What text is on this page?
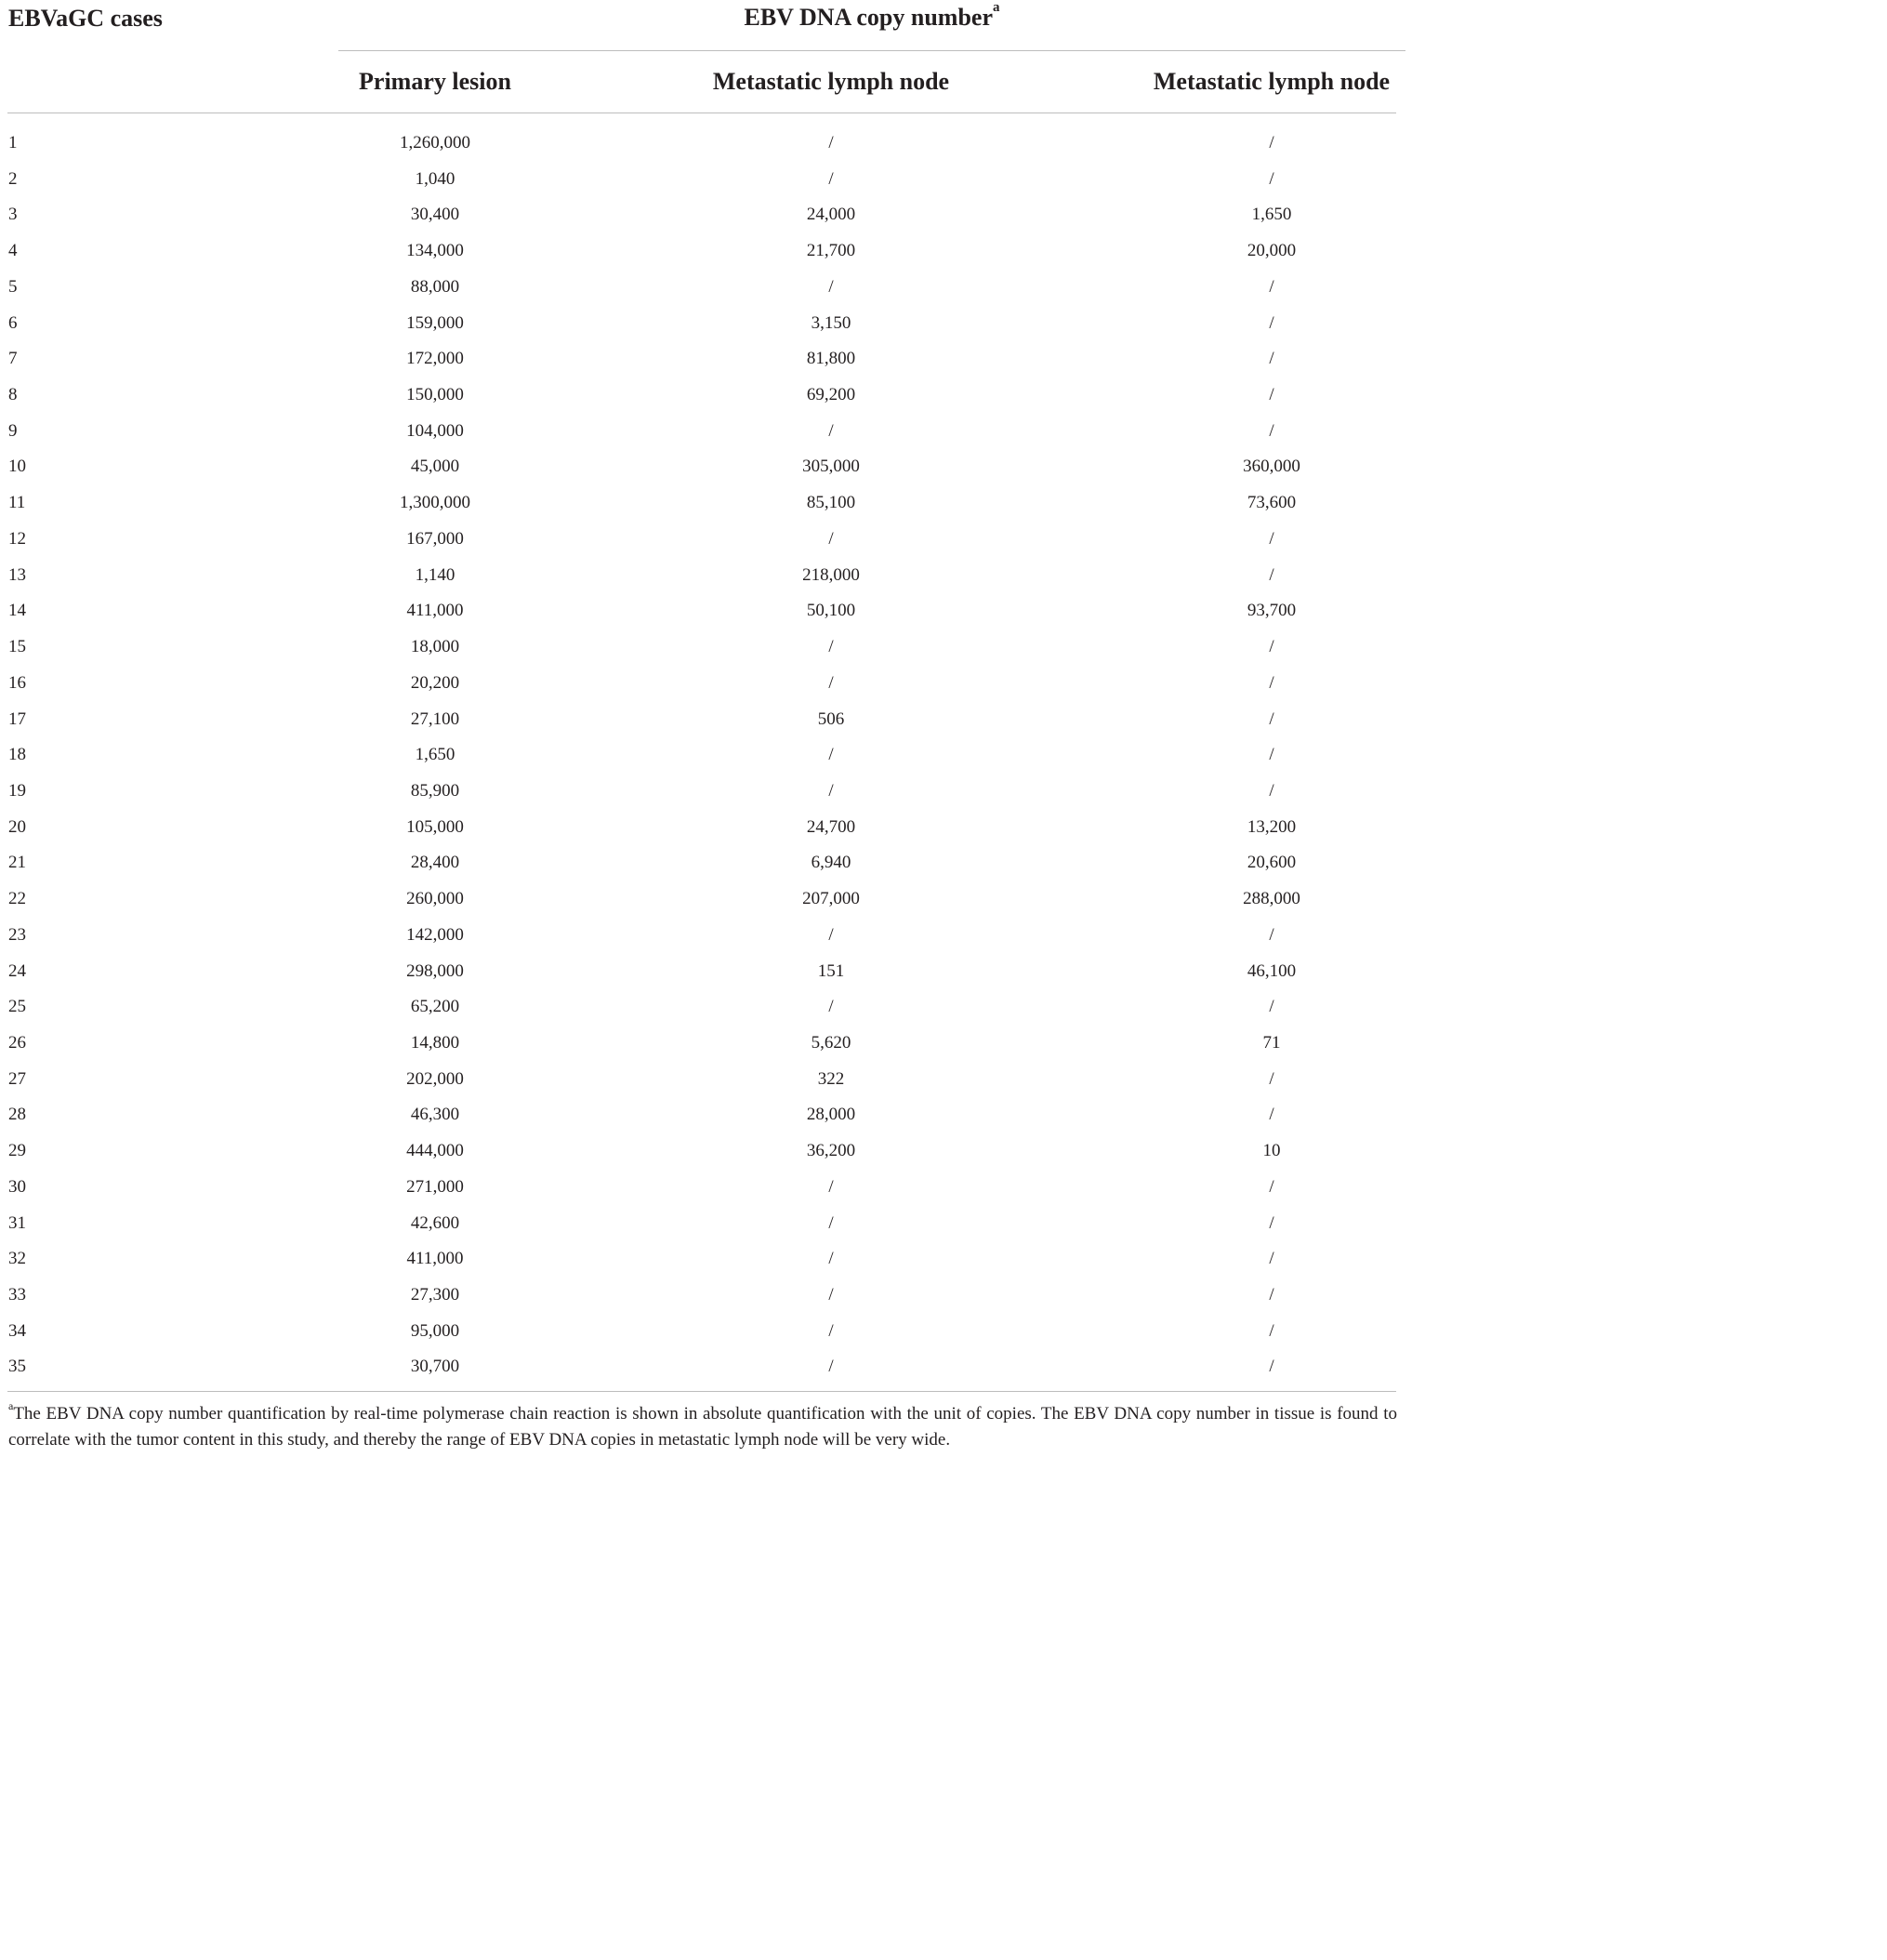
EBVaGC cases	EBV DNA copy number$^a$
Primary lesion	Metastatic lymph node	Metastatic lymph node
1	1,260,000	/	/
2	1,040	/	/
3	30,400	24,000	1,650
4	134,000	21,700	20,000
5	88,000	/	/
6	159,000	3,150	/
7	172,000	81,800	/
8	150,000	69,200	/
9	104,000	/	/
10	45,000	305,000	360,000
11	1,300,000	85,100	73,600
12	167,000	/	/
13	1,140	218,000	/
14	411,000	50,100	93,700
15	18,000	/	/
16	20,200	/	/
17	27,100	506	/
18	1,650	/	/
19	85,900	/	/
20	105,000	24,700	13,200
21	28,400	6,940	20,600
22	260,000	207,000	288,000
23	142,000	/	/
24	298,000	151	46,100
25	65,200	/	/
26	14,800	5,620	71
27	202,000	322	/
28	46,300	28,000	/
29	444,000	36,200	10
30	271,000	/	/
31	42,600	/	/
32	411,000	/	/
33	27,300	/	/
34	95,000	/	/
35	30,700	/	/
$^a$The EBV DNA copy number quantification by real-time polymerase chain reaction is shown in absolute quantification with the unit of copies. The EBV DNA copy number in tissue is found to correlate with the tumor content in this study, and thereby the range of EBV DNA copies in metastatic lymph node will be very wide.
